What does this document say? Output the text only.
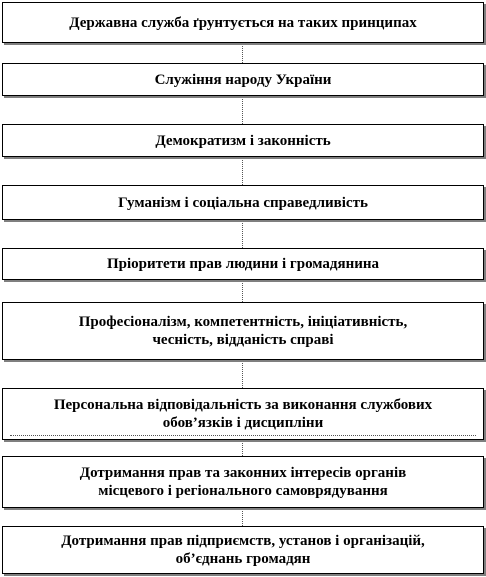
Державна служба ґрунтується на таких принципах
Служіння народу України
Демократизм і законність
Гуманізм і соціальна справедливість
Пріоритети прав людини і громадянина
Професіоналізм, компетентність, ініціативність,
чесність, відданість справі
Персональна відповідальність за виконання службових
обов’язків і дисципліни
Дотримання прав та законних інтересів органів
місцевого і регіонального самоврядування
Дотримання прав підприємств, установ і організацій,
об’єднань громадян
